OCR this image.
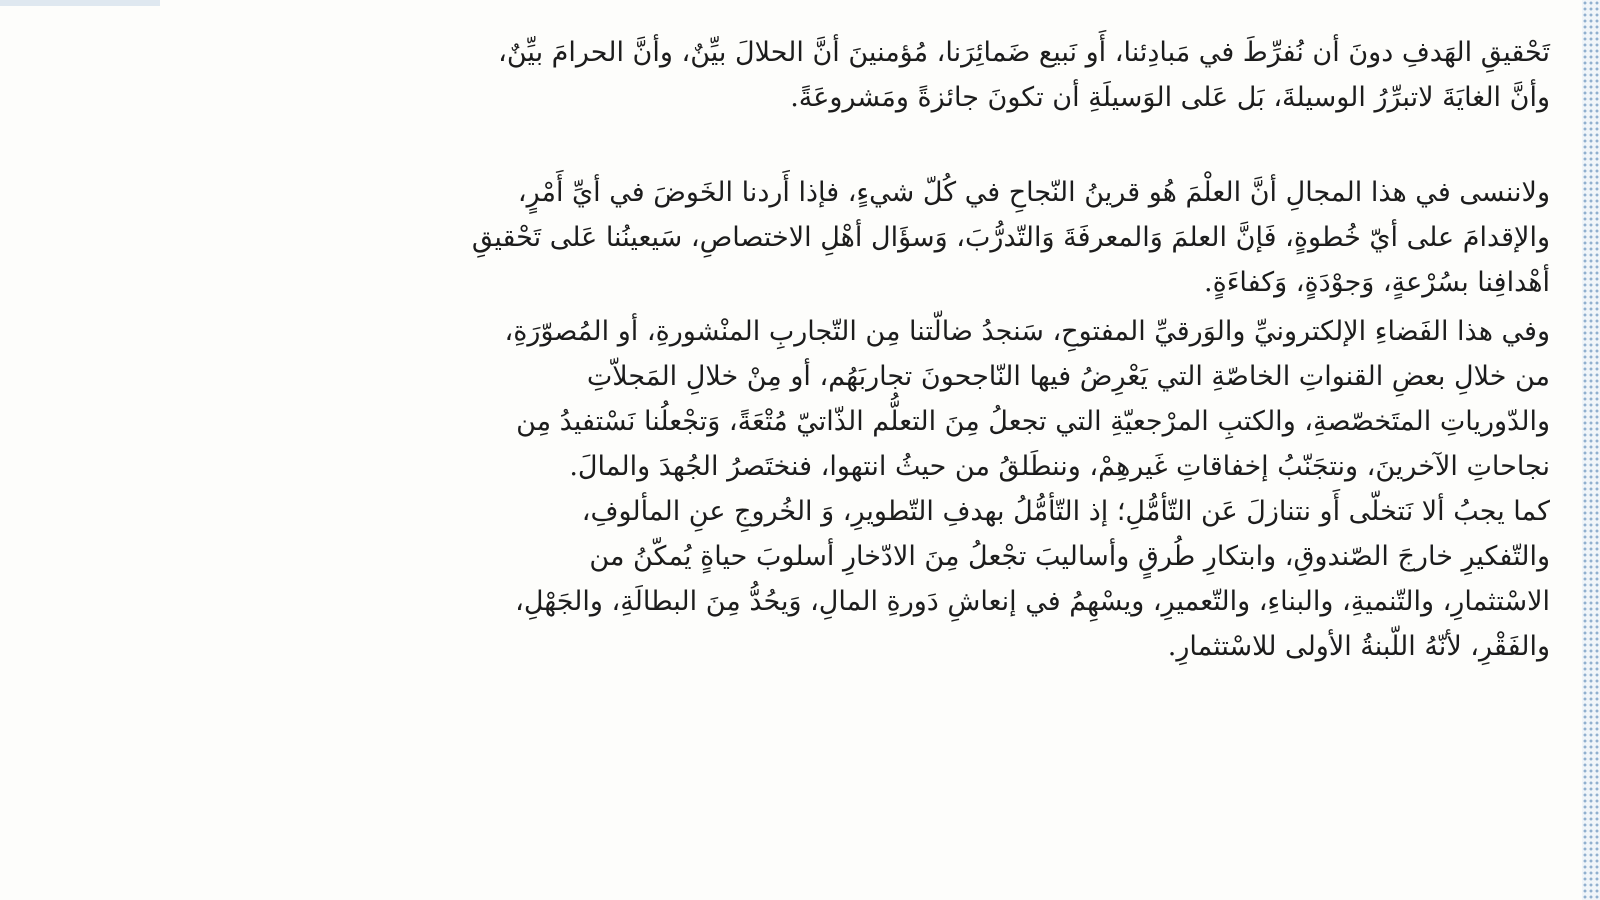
تَحْقيقِ الهَدفِ دونَ أن نُفرِّطَ في مَبادِئنا، أَو نَبيع ضَمائِرَنا، مُؤمنينَ أنَّ الحلالَ بيِّنٌ، وأنَّ الحرامَ بيِّنٌ،
وأنَّ الغايَةَ لاتبرِّرُ الوسيلةَ، بَل عَلى الوَسيلَةِ أن تكونَ جائزةً ومَشروعَةً.

ولاننسى في هذا المجالِ أنَّ العلْمَ هُو قرينُ النّجاحِ في كُلّ شيءٍ، فإذا أَردنا الخَوضَ في أيِّ أَمْرٍ،
والإقدامَ على أيّ خُطوةٍ، فَإنَّ العلمَ وَالمعرفَةَ وَالتّدرُّبَ، وَسؤَال أهْلِ الاختصاصِ، سَيعينُنا عَلى تَحْقيقِ
أهْدافِنا بسُرْعةٍ، وَجوْدَةٍ، وَكفاءَةٍ.

وفي هذا الفَضاءِ الإلكترونيِّ والوَرقيِّ المفتوحِ، سَنجدُ ضالّتنا مِن التّجاربِ المنْشورةِ، أو المُصوّرَةِ،
من خلالِ بعضِ القنواتِ الخاصّةِ التي يَعْرِضُ فيها النّاجحونَ تجاربَهُم، أو مِنْ خلالِ المَجلاّتِ
والدّورياتِ المتَخصّصةِ، والكتبِ المرْجعيّةِ التي تجعلُ مِنَ التعلُّم الذّاتيّ مُتْعَةً، وَتجْعلُنا نَسْتفيدُ مِن
نجاحاتِ الآخرينَ، ونتجَنّبُ إخفاقاتِ غَيرهِمْ، وننطَلقُ من حيثُ انتهوا، فنختَصرُ الجُهدَ والمالَ.

كما يجبُ ألا نَتخلّى أَو نتنازلَ عَن التّأمُّلِ؛ إذ التّأمُّلُ بهدفِ التّطويرِ، وَ الخُروجِ عنِ المألوفِ،
والتّفكيرِ خارجَ الصّندوقِ، وابتكارِ طُرقٍ وأساليبَ تجْعلُ مِنَ الادّخارِ أسلوبَ حياةٍ يُمكّنُ من
الاسْتثمارِ، والتّنميةِ، والبناءِ، والتّعميرِ، ويسْهِمُ في إنعاشِ دَورةِ المالِ، وَيحُدُّ مِنَ البطالَةِ، والجَهْلِ،
والفَقْرِ، لأنّهُ اللّبنةُ الأولى للاسْتثمارِ.
